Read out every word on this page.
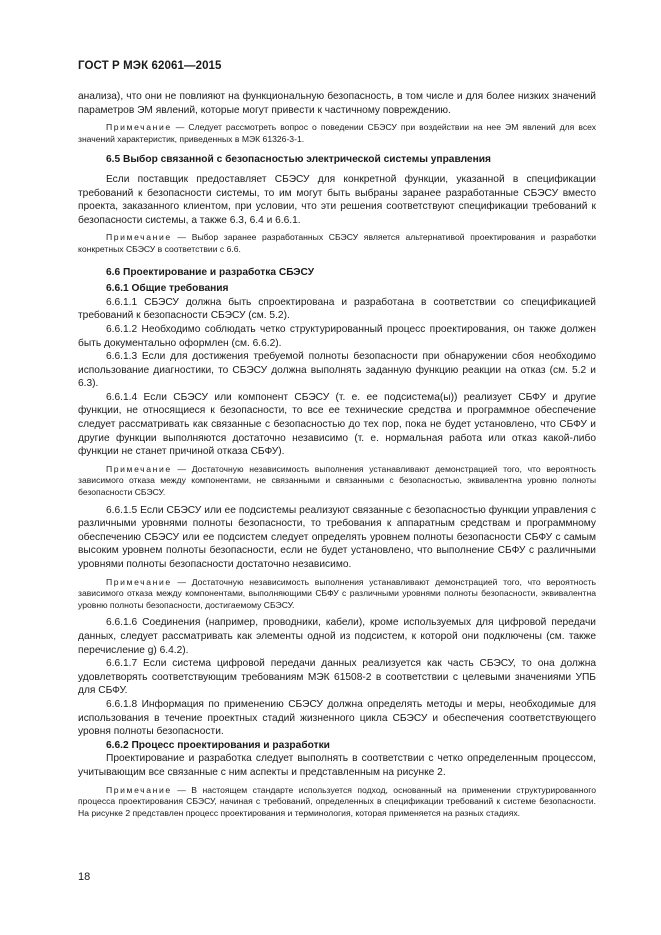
ГОСТ Р МЭК 62061—2015

анализа), что они не повлияют на функциональную безопасность, в том числе и для более низких значений параметров ЭМ явлений, которые могут привести к частичному повреждению.

Примечание — Следует рассмотреть вопрос о поведении СБЭСУ при воздействии на нее ЭМ явлений для всех значений характеристик, приведенных в МЭК 61326-3-1.

6.5 Выбор связанной с безопасностью электрической системы управления

Если поставщик предоставляет СБЭСУ для конкретной функции, указанной в спецификации требований к безопасности системы, то им могут быть выбраны заранее разработанные СБЭСУ вместо проекта, заказанного клиентом, при условии, что эти решения соответствуют спецификации требований к безопасности системы, а также 6.3, 6.4 и 6.6.1.

Примечание — Выбор заранее разработанных СБЭСУ является альтернативой проектирования и разработки конкретных СБЭСУ в соответствии с 6.6.

6.6 Проектирование и разработка СБЭСУ

6.6.1 Общие требования

6.6.1.1 СБЭСУ должна быть спроектирована и разработана в соответствии со спецификацией требований к безопасности СБЭСУ (см. 5.2).

6.6.1.2 Необходимо соблюдать четко структурированный процесс проектирования, он также должен быть документально оформлен (см. 6.6.2).

6.6.1.3 Если для достижения требуемой полноты безопасности при обнаружении сбоя необходимо использование диагностики, то СБЭСУ должна выполнять заданную функцию реакции на отказ (см. 5.2 и 6.3).

6.6.1.4 Если СБЭСУ или компонент СБЭСУ (т. е. ее подсистема(ы)) реализует СБФУ и другие функции, не относящиеся к безопасности, то все ее технические средства и программное обеспечение следует рассматривать как связанные с безопасностью до тех пор, пока не будет установлено, что СБФУ и другие функции выполняются достаточно независимо (т. е. нормальная работа или отказ какой-либо функции не станет причиной отказа СБФУ).

Примечание — Достаточную независимость выполнения устанавливают демонстрацией того, что вероятность зависимого отказа между компонентами, не связанными и связанными с безопасностью, эквивалентна уровню полноты безопасности СБЭСУ.

6.6.1.5 Если СБЭСУ или ее подсистемы реализуют связанные с безопасностью функции управления с различными уровнями полноты безопасности, то требования к аппаратным средствам и программному обеспечению СБЭСУ или ее подсистем следует определять уровнем полноты безопасности СБФУ с самым высоким уровнем полноты безопасности, если не будет установлено, что выполнение СБФУ с различными уровнями полноты безопасности достаточно независимо.

Примечание — Достаточную независимость выполнения устанавливают демонстрацией того, что вероятность зависимого отказа между компонентами, выполняющими СБФУ с различными уровнями полноты безопасности, эквивалентна уровню полноты безопасности, достигаемому СБЭСУ.

6.6.1.6 Соединения (например, проводники, кабели), кроме используемых для цифровой передачи данных, следует рассматривать как элементы одной из подсистем, к которой они подключены (см. также перечисление g) 6.4.2).

6.6.1.7 Если система цифровой передачи данных реализуется как часть СБЭСУ, то она должна удовлетворять соответствующим требованиям МЭК 61508-2 в соответствии с целевыми значениями УПБ для СБФУ.

6.6.1.8 Информация по применению СБЭСУ должна определять методы и меры, необходимые для использования в течение проектных стадий жизненного цикла СБЭСУ и обеспечения соответствующего уровня полноты безопасности.

6.6.2 Процесс проектирования и разработки

Проектирование и разработка следует выполнять в соответствии с четко определенным процессом, учитывающим все связанные с ним аспекты и представленным на рисунке 2.

Примечание — В настоящем стандарте используется подход, основанный на применении структурированного процесса проектирования СБЭСУ, начиная с требований, определенных в спецификации требований к системе безопасности. На рисунке 2 представлен процесс проектирования и терминология, которая применяется на разных стадиях.

18
